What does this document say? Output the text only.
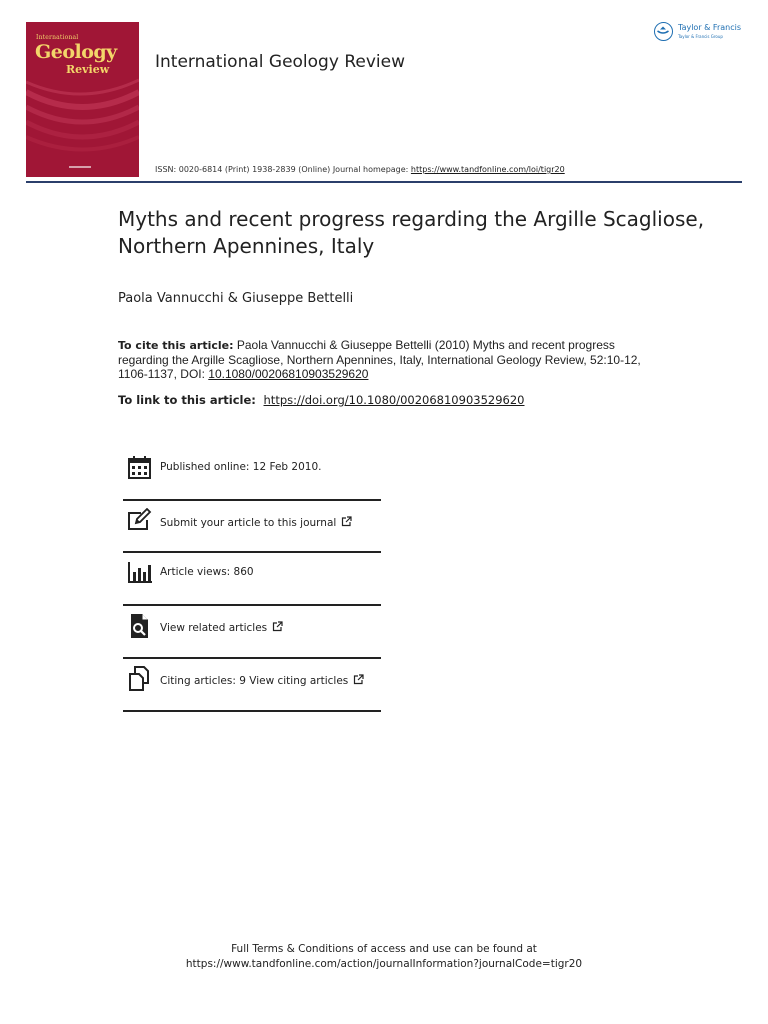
International
Geology
Review	International Geology Review
ISSN: 0020-6814 (Print) 1938-2839 (Online) Journal homepage: https://www.tandfonline.com/loi/tigr20
Taylor & Francis
Taylor & Francis Group
Myths and recent progress regarding the Argille Scagliose, Northern Apennines, Italy
Paola Vannucchi & Giuseppe Bettelli
To cite this article: Paola Vannucchi & Giuseppe Bettelli (2010) Myths and recent progress regarding the Argille Scagliose, Northern Apennines, Italy, International Geology Review, 52:10-12, 1106-1137, DOI: 10.1080/00206810903529620
To link to this article: https://doi.org/10.1080/00206810903529620
Published online: 12 Feb 2010.
Submit your article to this journal
Article views: 860
View related articles
Citing articles: 9 View citing articles
Full Terms & Conditions of access and use can be found at
https://www.tandfonline.com/action/journalInformation?journalCode=tigr20
